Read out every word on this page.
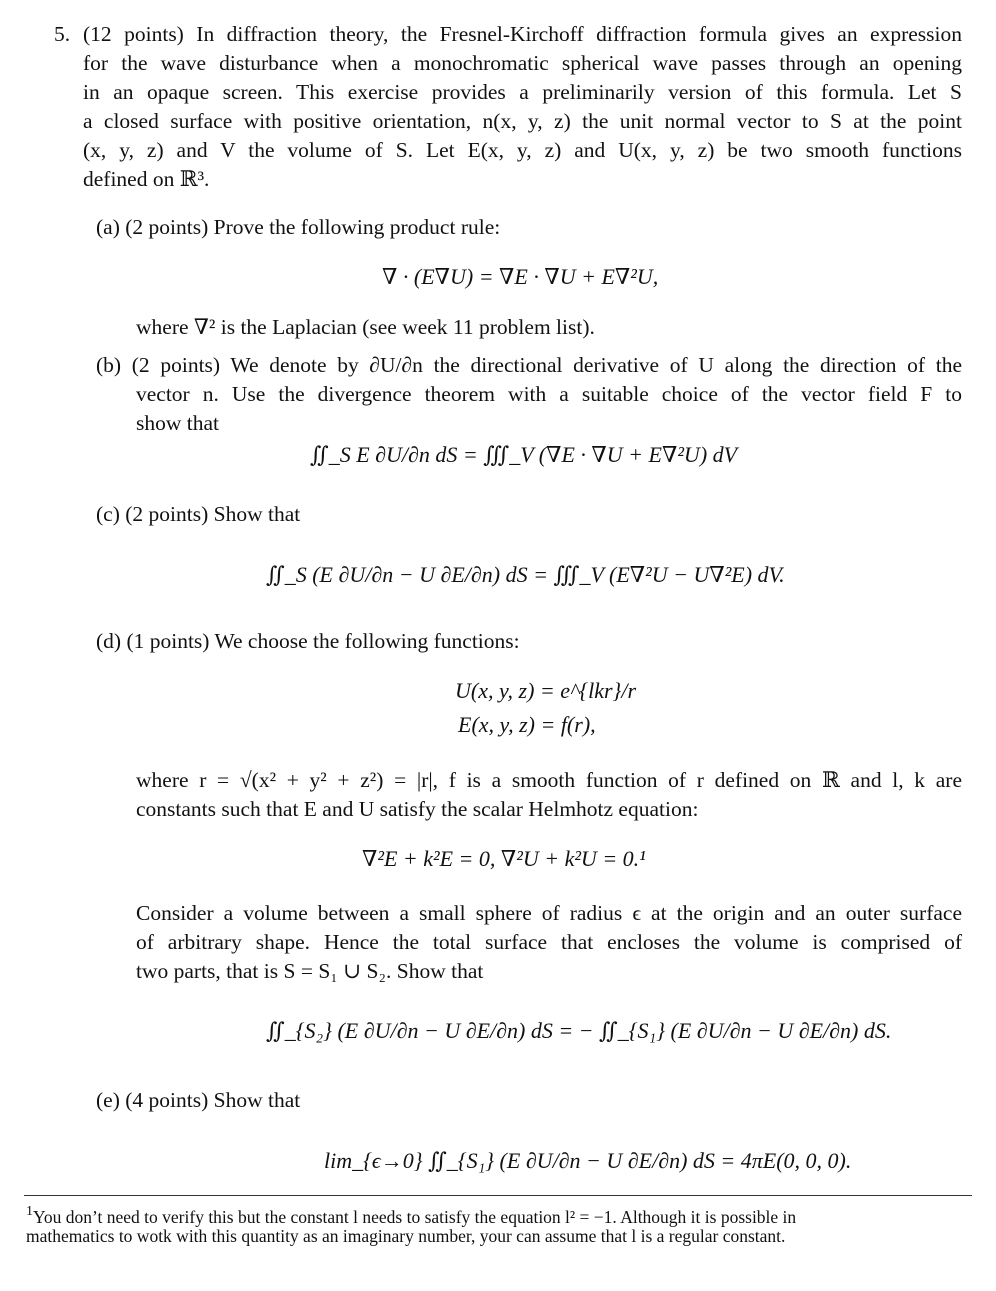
5. (12 points) In diffraction theory, the Fresnel-Kirchoff diffraction formula gives an expression
for the wave disturbance when a monochromatic spherical wave passes through an opening
in an opaque screen. This exercise provides a preliminarily version of this formula. Let S
a closed surface with positive orientation, n(x, y, z) the unit normal vector to S at the point
(x, y, z) and V the volume of S. Let E(x, y, z) and U(x, y, z) be two smooth functions
defined on ℝ³.
(a) (2 points) Prove the following product rule:
∇ · (E∇U) = ∇E · ∇U + E∇²U,
where ∇² is the Laplacian (see week 11 problem list).
(b) (2 points) We denote by ∂U/∂n the directional derivative of U along the direction of the
vector n. Use the divergence theorem with a suitable choice of the vector field F to
show that
∬_S E ∂U/∂n dS = ∭_V (∇E · ∇U + E∇²U) dV
(c) (2 points) Show that
∬_S (E ∂U/∂n − U ∂E/∂n) dS = ∭_V (E∇²U − U∇²E) dV.
(d) (1 points) We choose the following functions:
U(x, y, z) = e^{lkr}/r
E(x, y, z) = f(r),
where r = √(x² + y² + z²) = |r|, f is a smooth function of r defined on ℝ and l, k are
constants such that E and U satisfy the scalar Helmhotz equation:
∇²E + k²E = 0, ∇²U + k²U = 0.¹
Consider a volume between a small sphere of radius ϵ at the origin and an outer surface
of arbitrary shape. Hence the total surface that encloses the volume is comprised of
two parts, that is S = S₁ ∪ S₂. Show that
∬_{S₂} (E ∂U/∂n − U ∂E/∂n) dS = − ∬_{S₁} (E ∂U/∂n − U ∂E/∂n) dS.
(e) (4 points) Show that
lim_{ϵ→0} ∬_{S₁} (E ∂U/∂n − U ∂E/∂n) dS = 4πE(0, 0, 0).
$^1$You don’t need to verify this but the constant l needs to satisfy the equation l² = −1. Although it is possible in
mathematics to wotk with this quantity as an imaginary number, your can assume that l is a regular constant.
